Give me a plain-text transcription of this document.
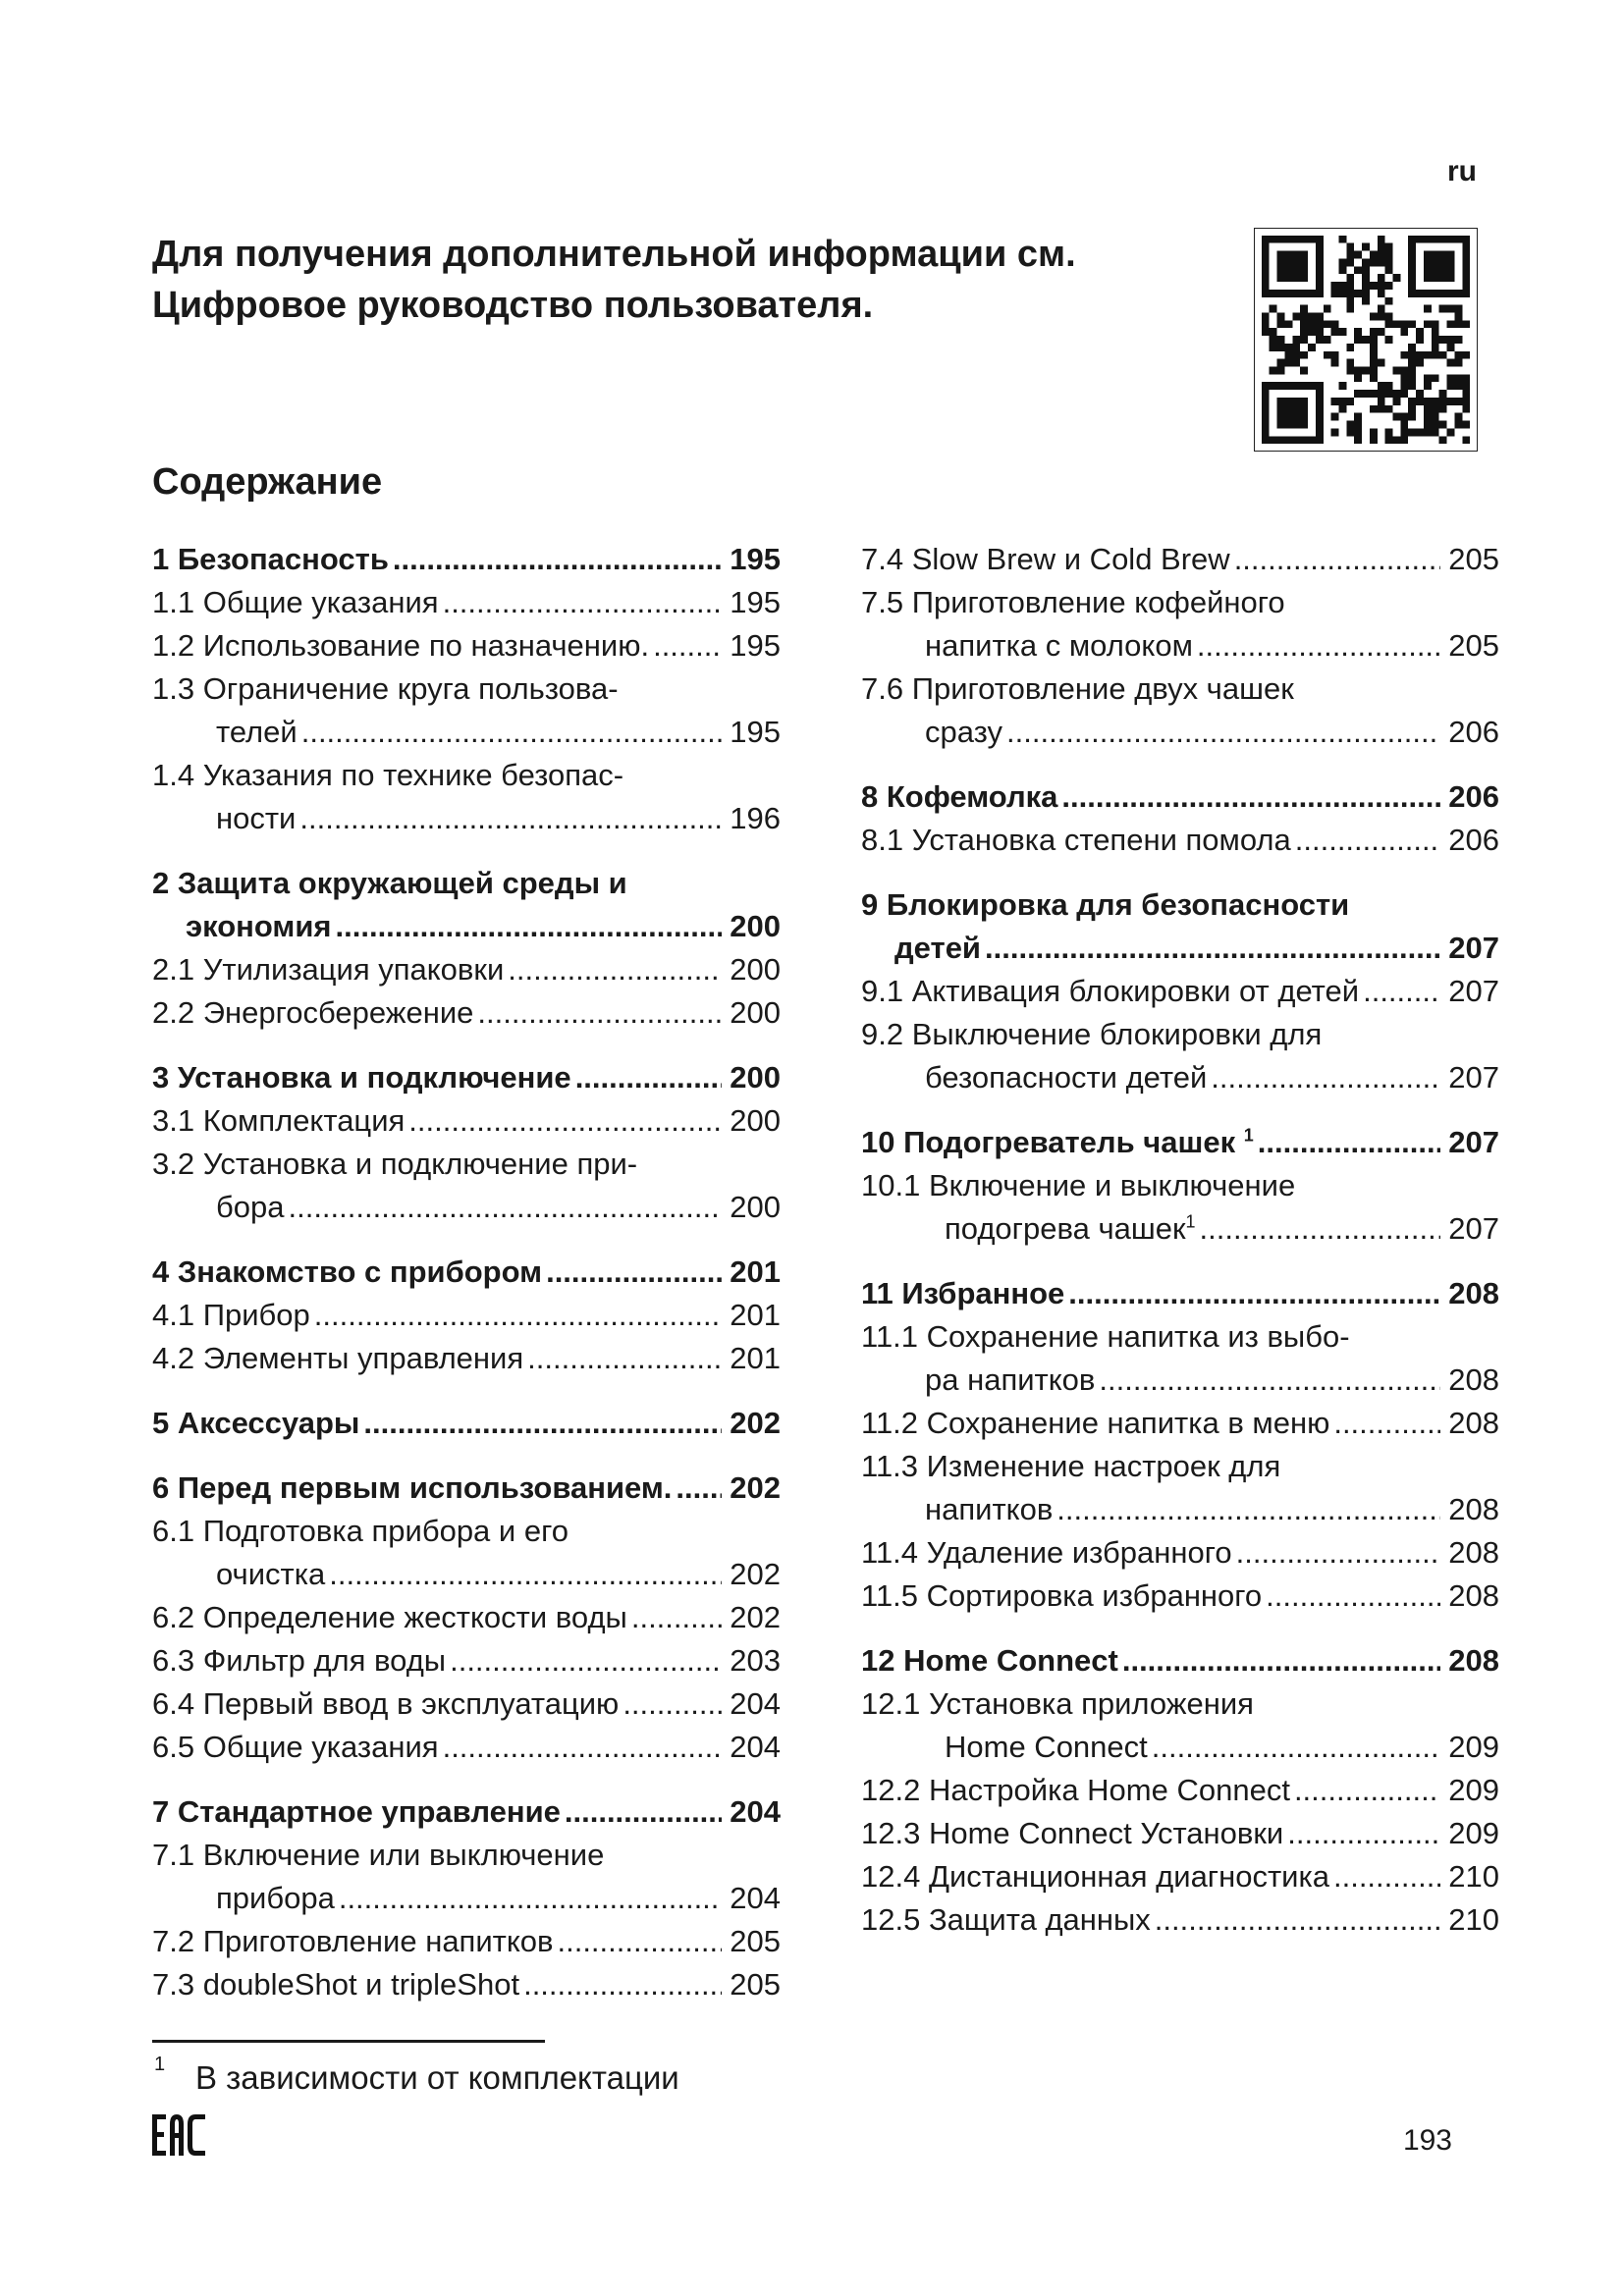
ru
Для получения дополнительной информации см.
Цифровое руководство пользователя.
Содержание
1 Безопасность .....	195
1.1 Общие указания .....	195
1.2 Использование по назначению. .....	195
1.3 Ограничение круга пользова-
телей .....	195
1.4 Указания по технике безопас-
ности .....	196
2 Защита окружающей среды и
экономия .....	200
2.1 Утилизация упаковки .....	200
2.2 Энергосбережение .....	200
3 Установка и подключение .....	200
3.1 Комплектация .....	200
3.2 Установка и подключение при-
бора .....	200
4 Знакомство с прибором .....	201
4.1 Прибор .....	201
4.2 Элементы управления .....	201
5 Аксессуары .....	202
6 Перед первым использованием. ..... 202
6.1 Подготовка прибора и его
очистка .....	202
6.2 Определение жесткости воды .....	202
6.3 Фильтр для воды .....	203
6.4 Первый ввод в эксплуатацию .....	204
6.5 Общие указания .....	204
7 Стандартное управление .....	204
7.1 Включение или выключение
прибора .....	204
7.2 Приготовление напитков .....	205
7.3 doubleShot и tripleShot .....	205
7.4 Slow Brew и Cold Brew .....	205
7.5 Приготовление кофейного
напитка с молоком .....	205
7.6 Приготовление двух чашек
сразу .....	206
8 Кофемолка .....	206
8.1 Установка степени помола .....	206
9 Блокировка для безопасности
детей .....	207
9.1 Активация блокировки от детей .....	207
9.2 Выключение блокировки для
безопасности детей .....	207
10 Подогреватель чашек $^1$ .....	207
10.1 Включение и выключение
подогрева чашек$^1$ .....	207
11 Избранное .....	208
11.1 Сохранение напитка из выбо-
ра напитков .....	208
11.2 Сохранение напитка в меню .....	208
11.3 Изменение настроек для
напитков .....	208
11.4 Удаление избранного .....	208
11.5 Сортировка избранного .....	208
12 Home Connect .....	208
12.1 Установка приложения
Home Connect .....	209
12.2 Настройка Home Connect .....	209
12.3 Home Connect Установки .....	209
12.4 Дистанционная диагностика .....	210
12.5 Защита данных .....	210
1 В зависимости от комплектации
193
